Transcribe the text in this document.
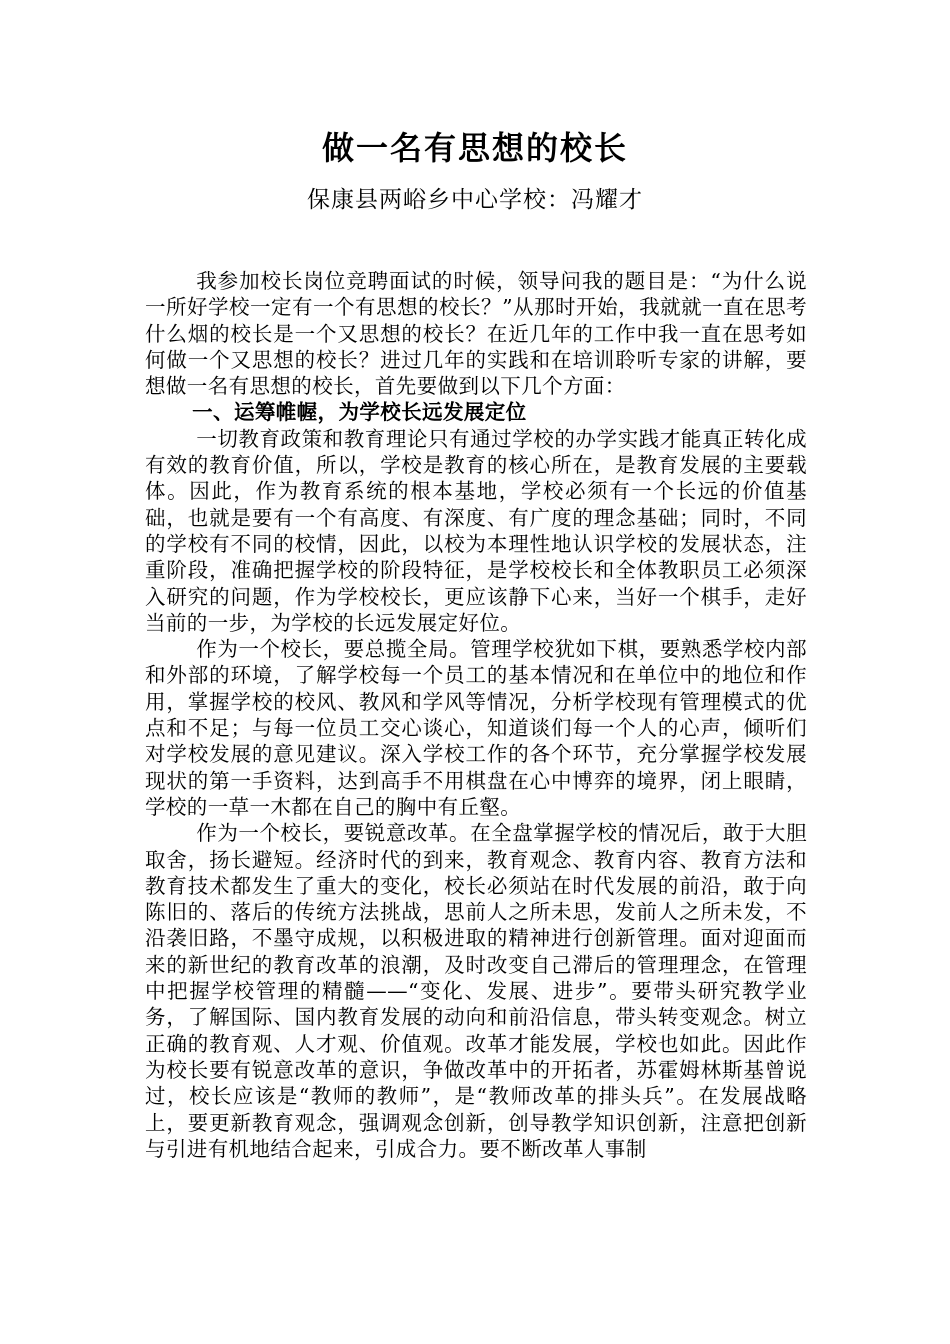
做一名有思想的校长
保康县两峪乡中心学校：冯耀才

我参加校长岗位竞聘面试的时候，领导问我的题目是：“为什么说一所好学校一定有一个有思想的校长？”从那时开始，我就就一直在思考什么烟的校长是一个又思想的校长？在近几年的工作中我一直在思考如何做一个又思想的校长？进过几年的实践和在培训聆听专家的讲解，要想做一名有思想的校长，首先要做到以下几个方面：

一、运筹帷幄，为学校长远发展定位

一切教育政策和教育理论只有通过学校的办学实践才能真正转化成有效的教育价值，所以，学校是教育的核心所在，是教育发展的主要载体。因此，作为教育系统的根本基地，学校必须有一个长远的价值基础，也就是要有一个有高度、有深度、有广度的理念基础；同时，不同的学校有不同的校情，因此，以校为本理性地认识学校的发展状态，注重阶段，准确把握学校的阶段特征，是学校校长和全体教职员工必须深入研究的问题，作为学校校长，更应该静下心来，当好一个棋手，走好当前的一步，为学校的长远发展定好位。

作为一个校长，要总揽全局。管理学校犹如下棋，要熟悉学校内部和外部的环境，了解学校每一个员工的基本情况和在单位中的地位和作用，掌握学校的校风、教风和学风等情况，分析学校现有管理模式的优点和不足；与每一位员工交心谈心，知道谈们每一个人的心声，倾听们对学校发展的意见建议。深入学校工作的各个环节，充分掌握学校发展现状的第一手资料，达到高手不用棋盘在心中博弈的境界，闭上眼睛，学校的一草一木都在自己的胸中有丘壑。

作为一个校长，要锐意改革。在全盘掌握学校的情况后，敢于大胆取舍，扬长避短。经济时代的到来，教育观念、教育内容、教育方法和教育技术都发生了重大的变化，校长必须站在时代发展的前沿，敢于向陈旧的、落后的传统方法挑战，思前人之所未思，发前人之所未发，不沿袭旧路，不墨守成规，以积极进取的精神进行创新管理。面对迎面而来的新世纪的教育改革的浪潮，及时改变自己滞后的管理理念，在管理中把握学校管理的精髓——“变化、发展、进步”。要带头研究教学业务，了解国际、国内教育发展的动向和前沿信息，带头转变观念。树立正确的教育观、人才观、价值观。改革才能发展，学校也如此。因此作为校长要有锐意改革的意识，争做改革中的开拓者，苏霍姆林斯基曾说过，校长应该是“教师的教师”，是“教师改革的排头兵”。在发展战略上，要更新教育观念，强调观念创新，创导教学知识创新，注意把创新与引进有机地结合起来，引成合力。要不断改革人事制
